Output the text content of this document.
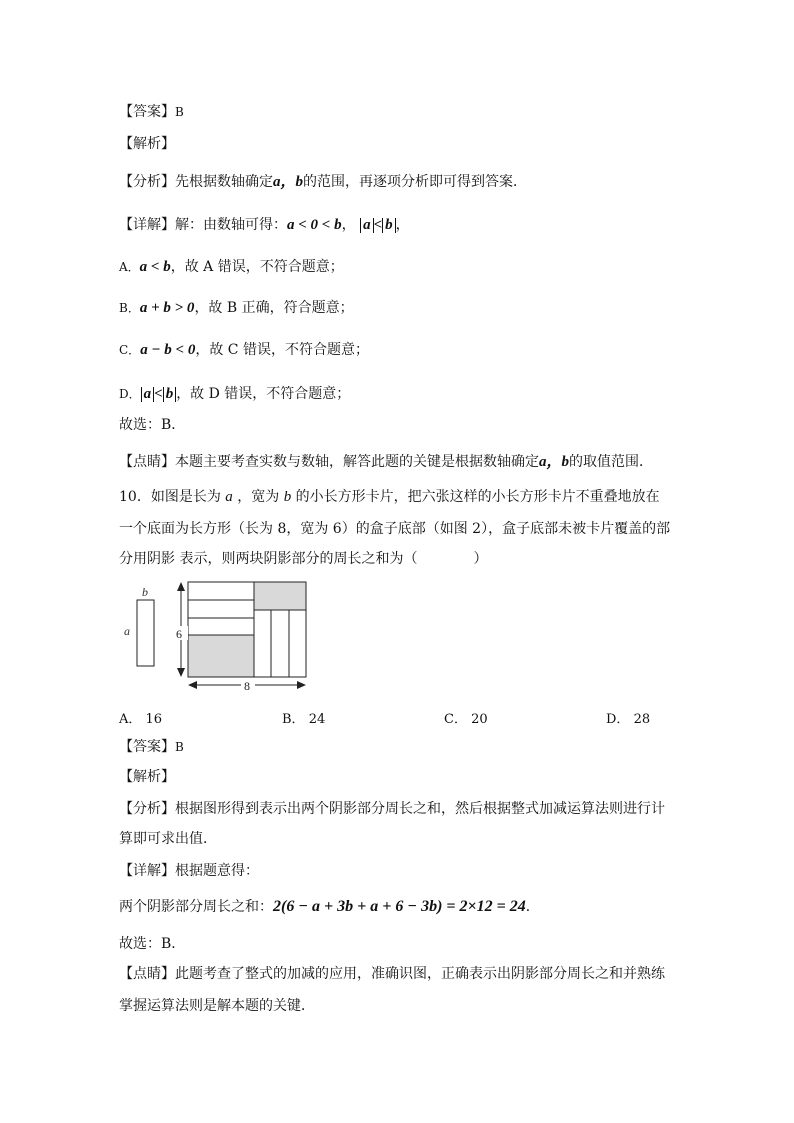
【答案】B
【解析】
【分析】先根据数轴确定a，b的范围，再逐项分析即可得到答案．
【详解】解：由数轴可得：a < 0 < b， a < b ，
A．a < b，故 A 错误，不符合题意；
B．a + b > 0，故 B 正确，符合题意；
C．a − b < 0，故 C 错误，不符合题意；
D． a < b ，故 D 错误，不符合题意；
故选：B．
【点睛】本题主要考查实数与数轴，解答此题的关键是根据数轴确定a，b的取值范围．
10．如图是长为 a ，宽为 b 的小长方形卡片，把六张这样的小长方形卡片不重叠地放在
一个底面为长方形（长为 8，宽为 6）的盒子底部（如图 2），盒子底部未被卡片覆盖的部
分用阴影 表示，则两块阴影部分的周长之和为（　　　　）
b
a	6
8
A． 16	B． 24	C． 20	D． 28
【答案】B
【解析】
【分析】根据图形得到表示出两个阴影部分周长之和，然后根据整式加减运算法则进行计
算即可求出值．
【详解】根据题意得：
两个阴影部分周长之和：2(6 − a + 3b + a + 6 − 3b) = 2×12 = 24．
故选：B．
【点睛】此题考查了整式的加减的应用，准确识图，正确表示出阴影部分周长之和并熟练
掌握运算法则是解本题的关键．
